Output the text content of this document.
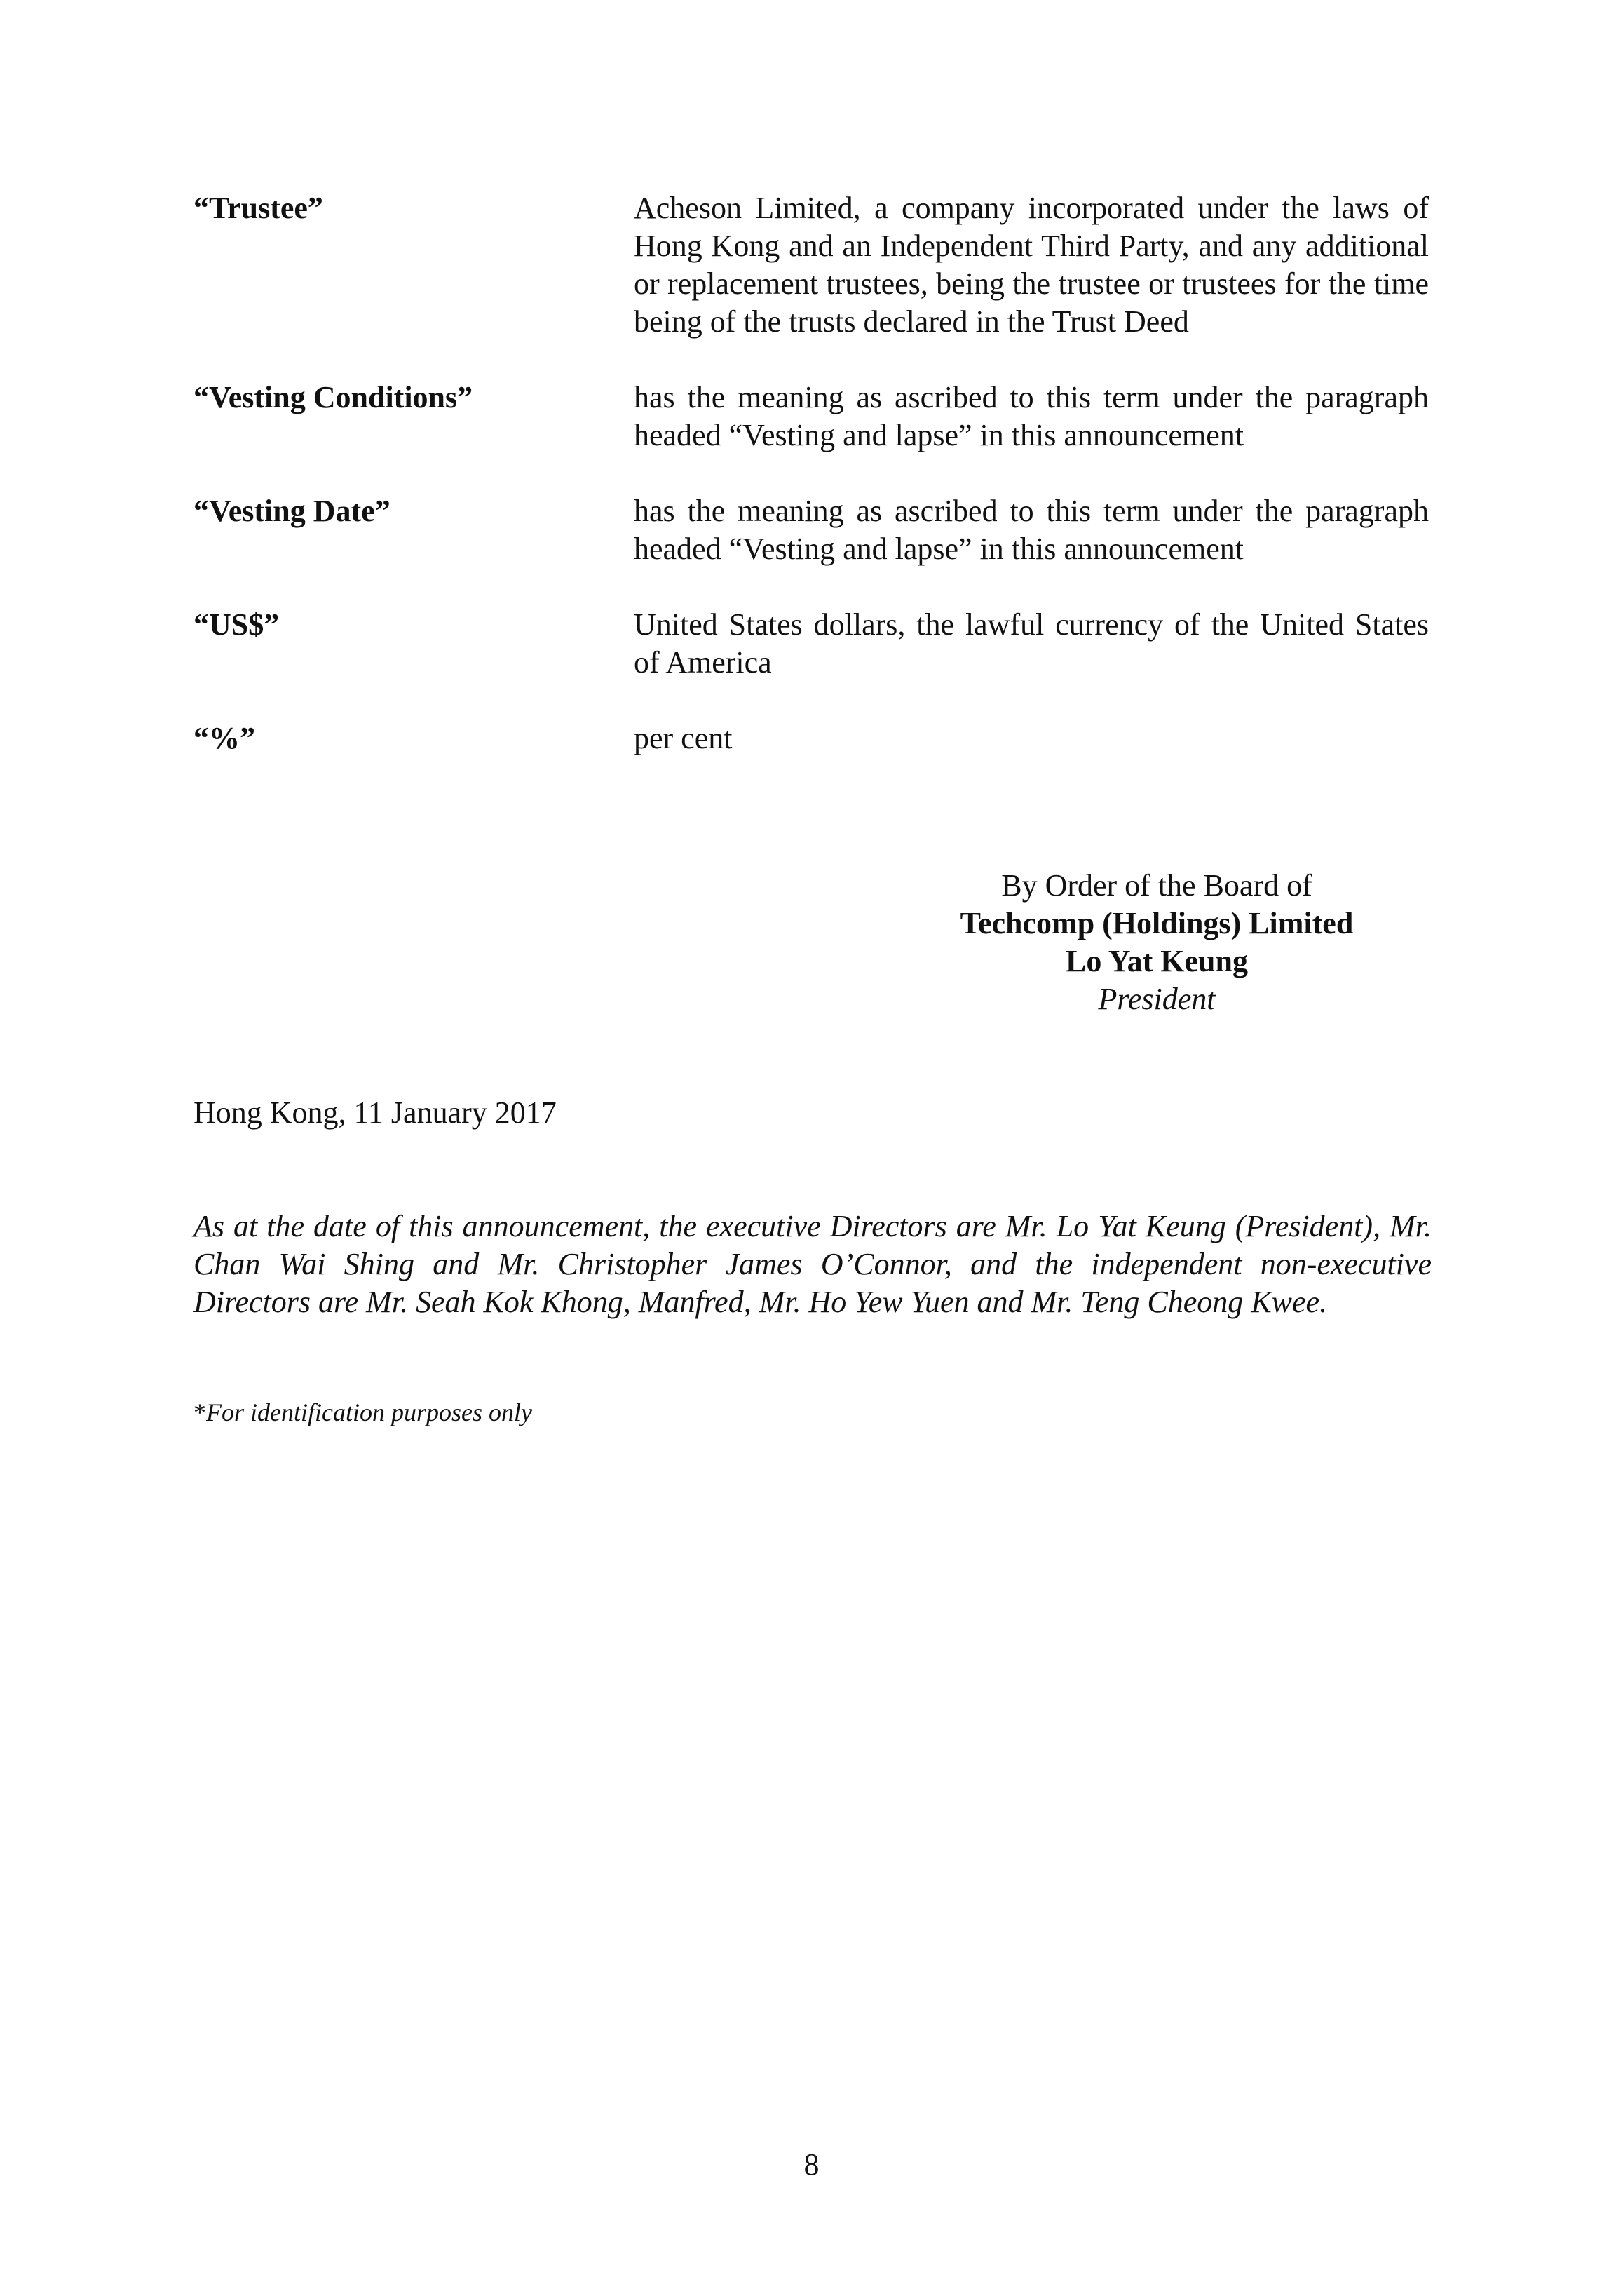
“Trustee”	Acheson Limited, a company incorporated under the laws of Hong Kong and an Independent Third Party, and any additional or replacement trustees, being the trustee or trustees for the time being of the trusts declared in the Trust Deed
“Vesting Conditions”	has the meaning as ascribed to this term under the paragraph headed “Vesting and lapse” in this announcement
“Vesting Date”	has the meaning as ascribed to this term under the paragraph headed “Vesting and lapse” in this announcement
“US$”	United States dollars, the lawful currency of the United States of America
“%”	per cent
By Order of the Board of
Techcomp (Holdings) Limited
Lo Yat Keung
President
Hong Kong, 11 January 2017
As at the date of this announcement, the executive Directors are Mr. Lo Yat Keung (President), Mr. Chan Wai Shing and Mr. Christopher James O’Connor, and the independent non-executive Directors are Mr. Seah Kok Khong, Manfred, Mr. Ho Yew Yuen and Mr. Teng Cheong Kwee.
*For identification purposes only
8
